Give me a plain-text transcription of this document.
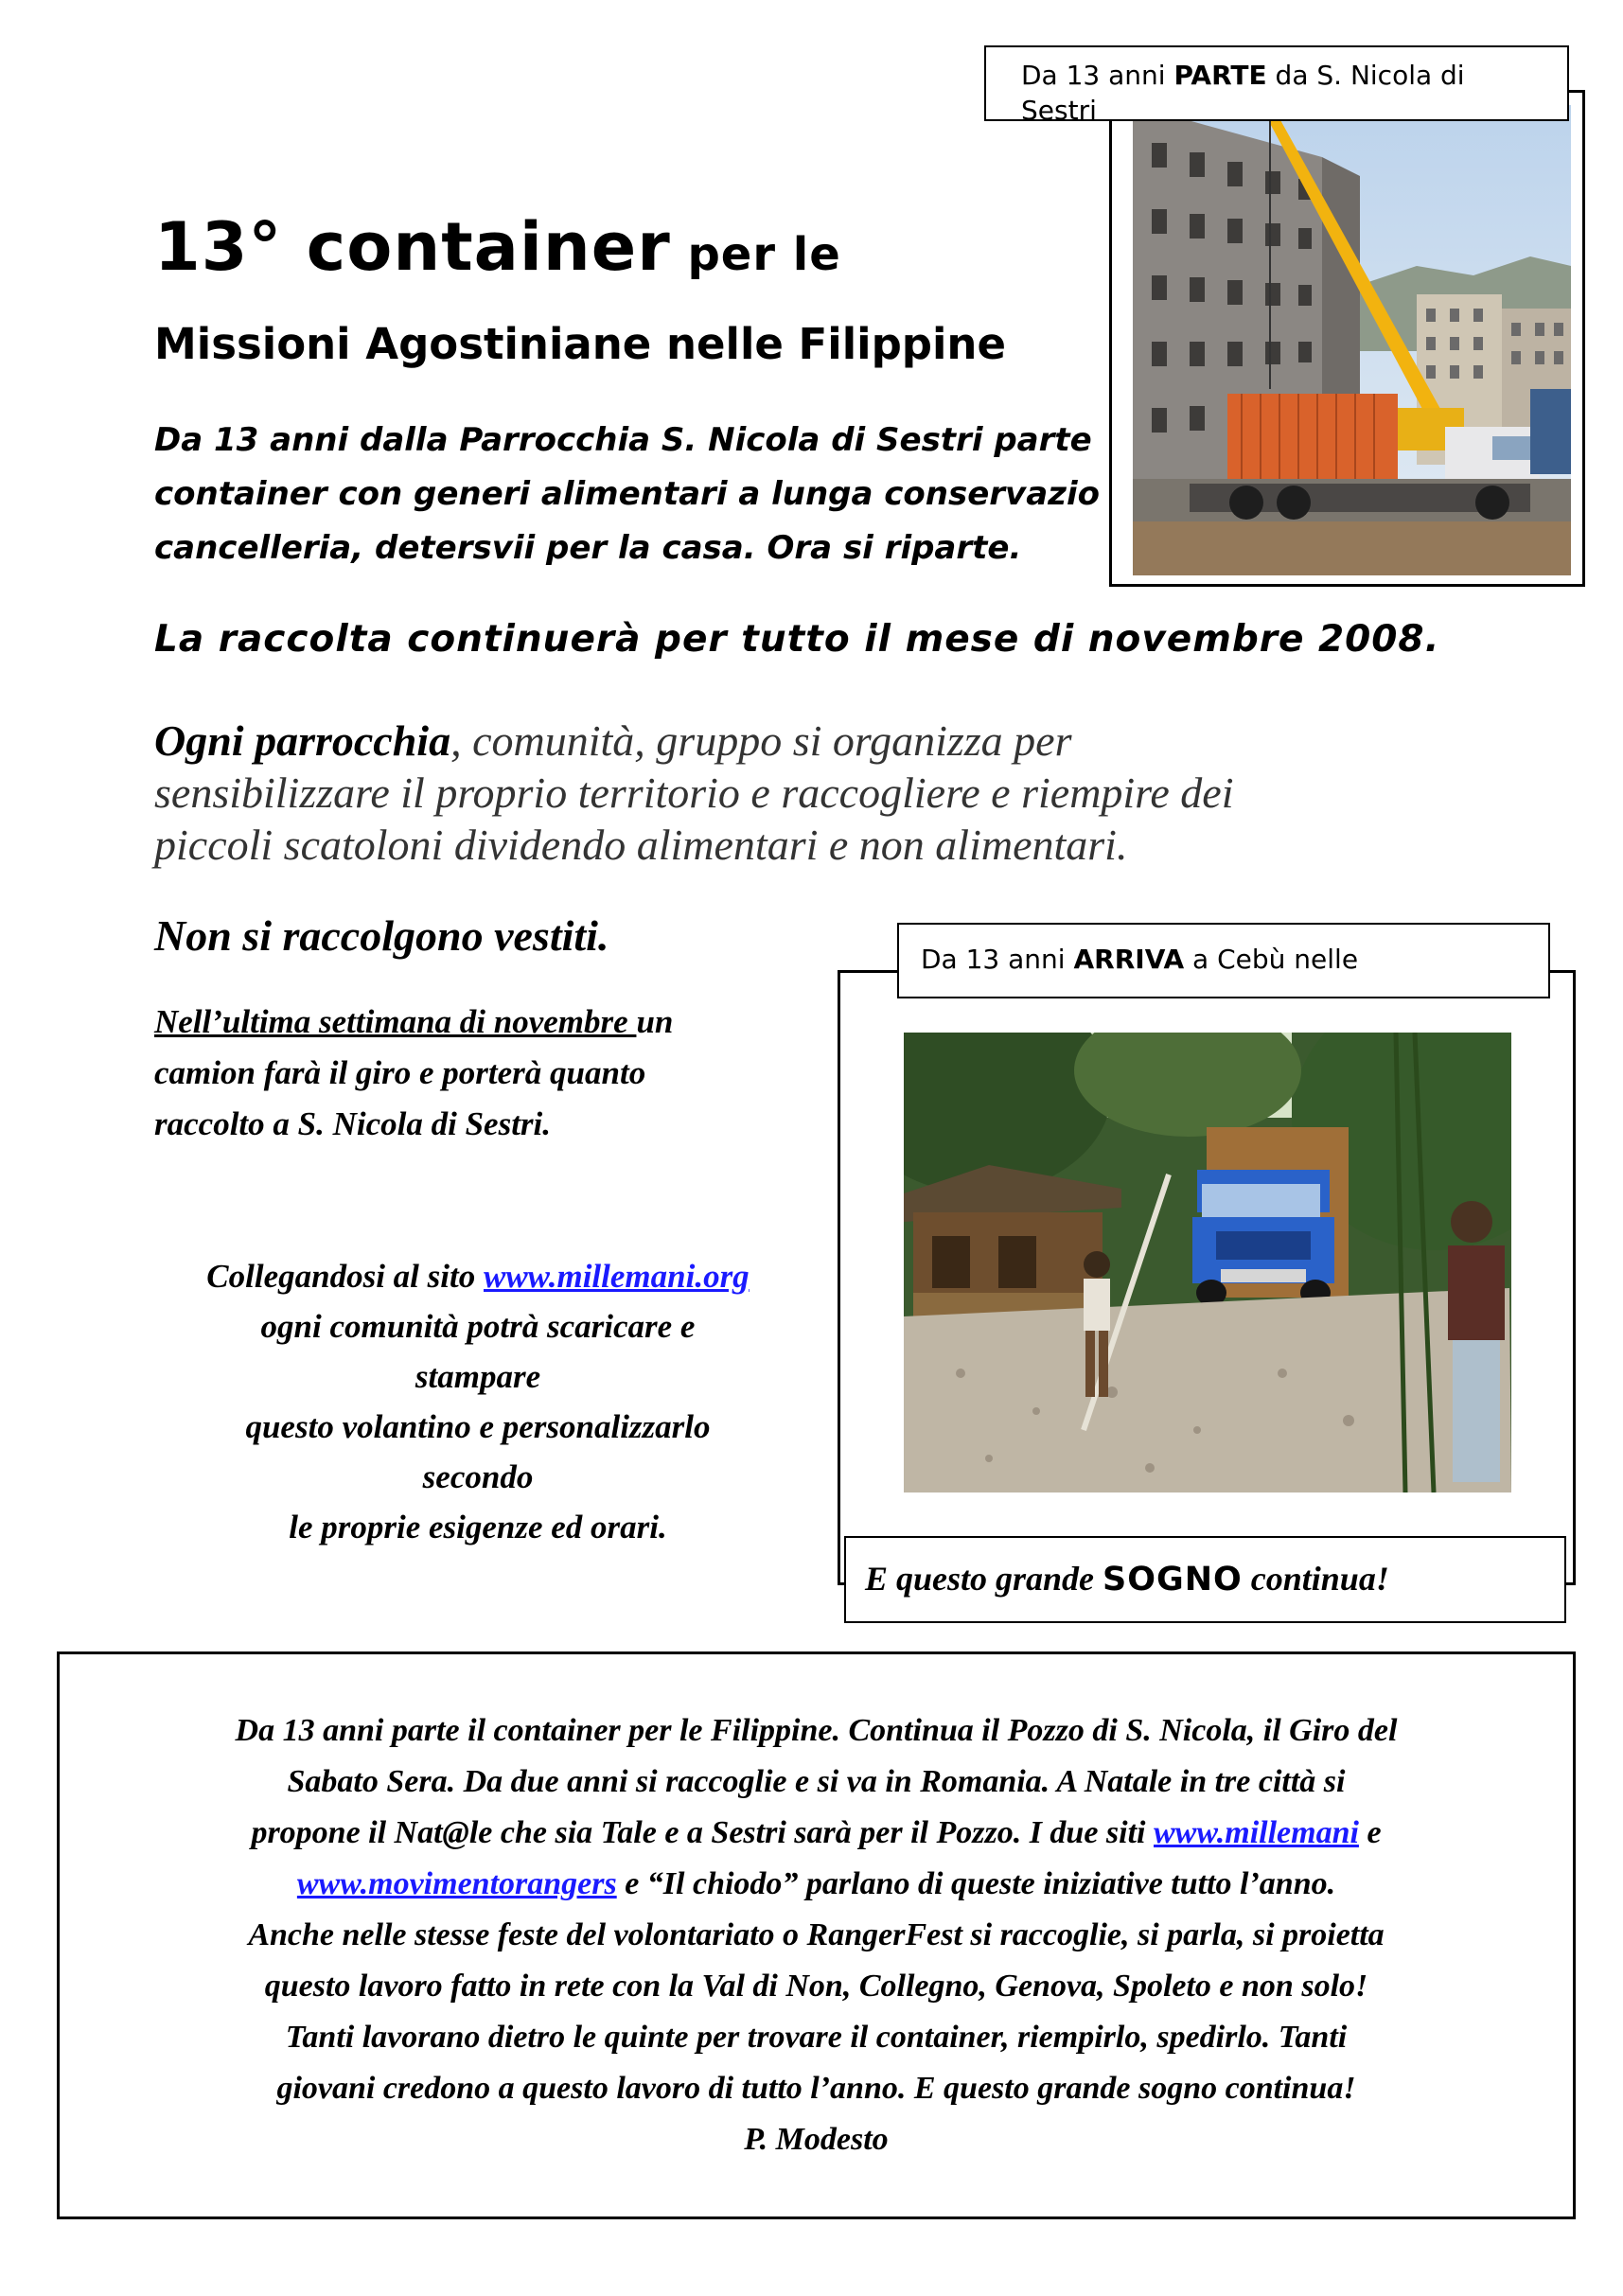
13° container per le
Missioni Agostiniane nelle Filippine
Da 13 anni dalla Parrocchia S. Nicola di Sestri parte
container con generi alimentari a lunga conservazio
cancelleria, detersvii per la casa. Ora si riparte.
Da 13 anni PARTE da S. Nicola di
Sestri
La raccolta continuerà per tutto il mese di novembre 2008.
Ogni parrocchia, comunità, gruppo si organizza per
sensibilizzare il proprio territorio e raccogliere e riempire dei
piccoli scatoloni dividendo alimentari e non alimentari.
Non si raccolgono vestiti.
Nell’ultima settimana di novembre un
camion farà il giro e porterà quanto
raccolto a S. Nicola di Sestri.
Collegandosi al sito www.millemani.org
ogni comunità potrà scaricare e
stampare
questo volantino e personalizzarlo
secondo
le proprie esigenze ed orari.
Da 13 anni ARRIVA a Cebù nelle
E questo grande SOGNO continua!
Da 13 anni parte il container per le Filippine. Continua il Pozzo di S. Nicola, il Giro del
Sabato Sera. Da due anni si raccoglie e si va in Romania. A Natale in tre città si
propone il Nat@le che sia Tale e a Sestri sarà per il Pozzo. I due siti www.millemani e
www.movimentorangers e “Il chiodo” parlano di queste iniziative tutto l’anno.
Anche nelle stesse feste del volontariato o RangerFest si raccoglie, si parla, si proietta
questo lavoro fatto in rete con la Val di Non, Collegno, Genova, Spoleto e non solo!
Tanti lavorano dietro le quinte per trovare il container, riempirlo, spedirlo. Tanti
giovani credono a questo lavoro di tutto l’anno. E questo grande sogno continua!
P. Modesto
